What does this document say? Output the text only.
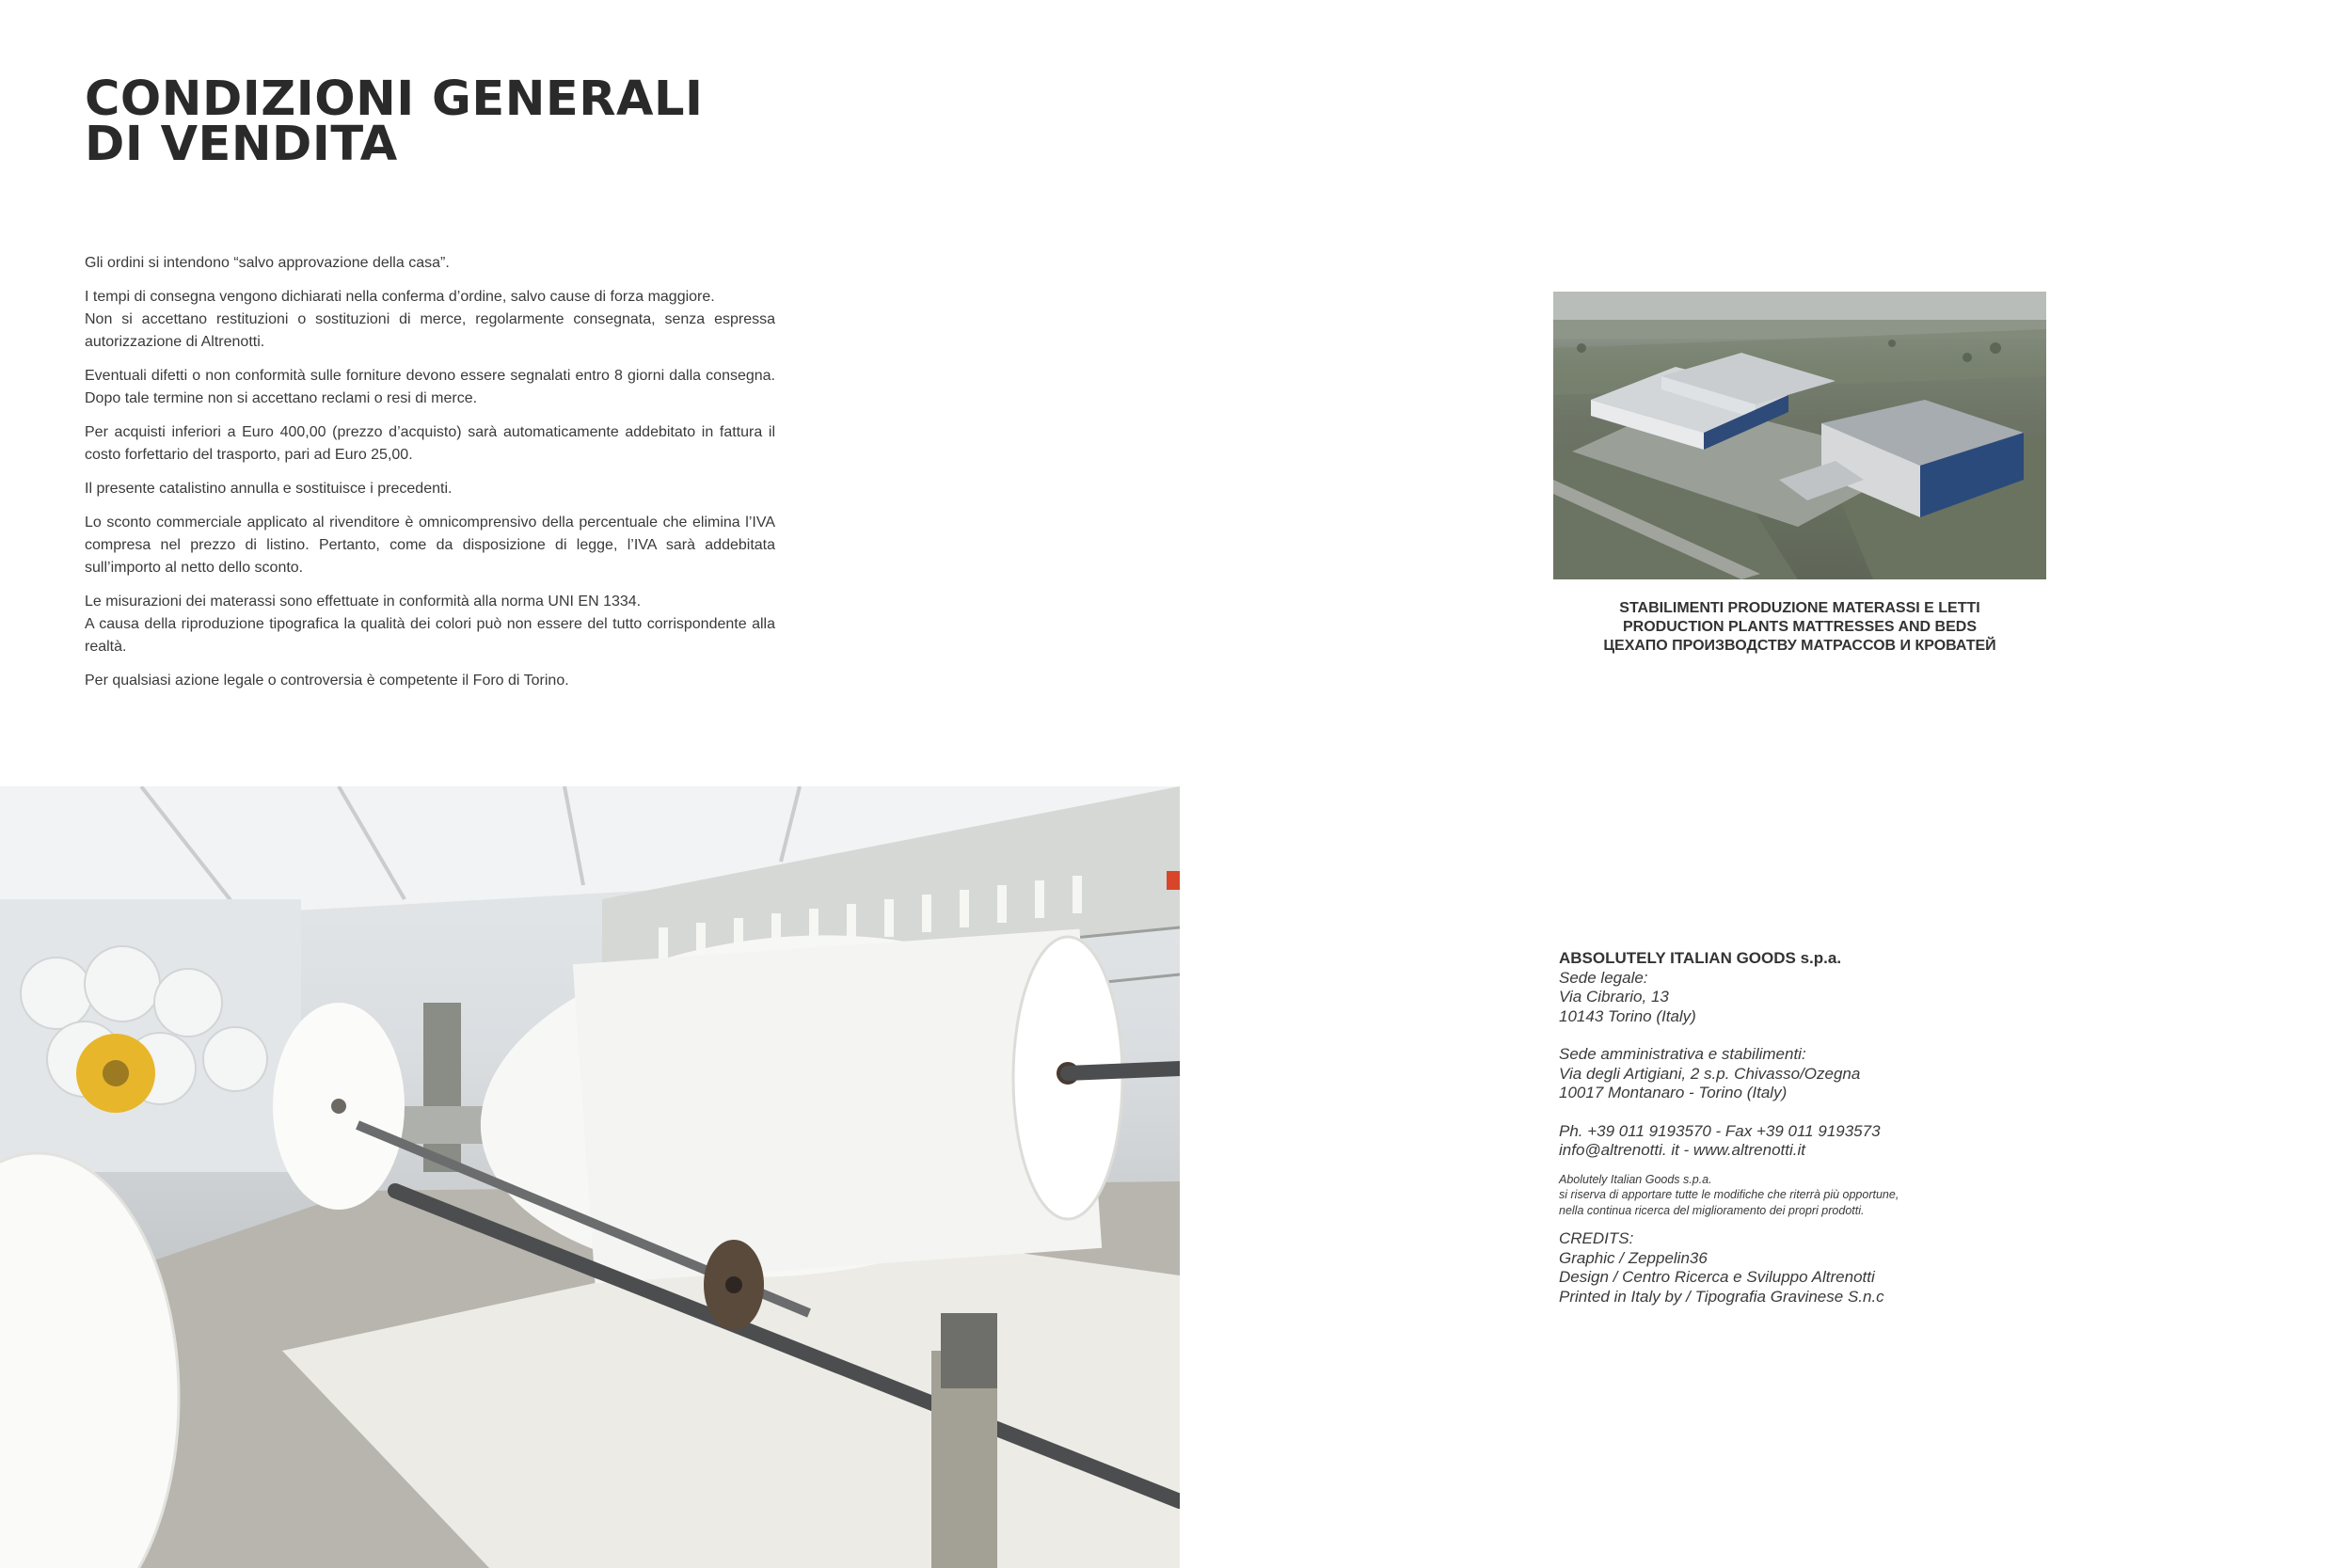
CONDIZIONI GENERALI
DI VENDITA

Gli ordini si intendono “salvo approvazione della casa”.

I tempi di consegna vengono dichiarati nella conferma d’ordine, salvo cause di forza maggiore.
Non si accettano restituzioni o sostituzioni di merce, regolarmente consegnata, senza espressa autorizzazione di Altrenotti.

Eventuali difetti o non conformità sulle forniture devono essere segnalati entro 8 giorni dalla consegna. Dopo tale termine non si accettano reclami o resi di merce.

Per acquisti inferiori a Euro 400,00 (prezzo d’acquisto) sarà automaticamente addebitato in fattura il costo forfettario del trasporto, pari ad Euro 25,00.

Il presente catalistino annulla e sostituisce i precedenti.

Lo sconto commerciale applicato al rivenditore è omnicomprensivo della percentuale che elimina l’IVA compresa nel prezzo di listino. Pertanto, come da disposizione di legge, l’IVA sarà addebitata sull’importo al netto dello sconto.

Le misurazioni dei materassi sono effettuate in conformità alla norma UNI EN 1334.
A causa della riproduzione tipografica la qualità dei colori può non essere del tutto corrispondente alla realtà.

Per qualsiasi azione legale o controversia è competente il Foro di Torino.

STABILIMENTI PRODUZIONE MATERASSI E LETTI
PRODUCTION PLANTS MATTRESSES AND BEDS
ЦЕХАПО ПРОИЗВОДСТВУ МАТРАССОВ И КРОВАТЕЙ
ABSOLUTELY ITALIAN GOODS s.p.a.
Sede legale:
Via Cibrario, 13
10143 Torino (Italy)
Sede amministrativa e stabilimenti:
Via degli Artigiani, 2 s.p. Chivasso/Ozegna
10017 Montanaro - Torino (Italy)
Ph. +39 011 9193570 - Fax +39 011 9193573
info@altrenotti. it - www.altrenotti.it
Abolutely Italian Goods s.p.a.
si riserva di apportare tutte le modifiche che riterrà più opportune,
nella continua ricerca del miglioramento dei propri prodotti.
CREDITS:
Graphic / Zeppelin36
Design / Centro Ricerca e Sviluppo Altrenotti
Printed in Italy by / Tipografia Gravinese S.n.c
